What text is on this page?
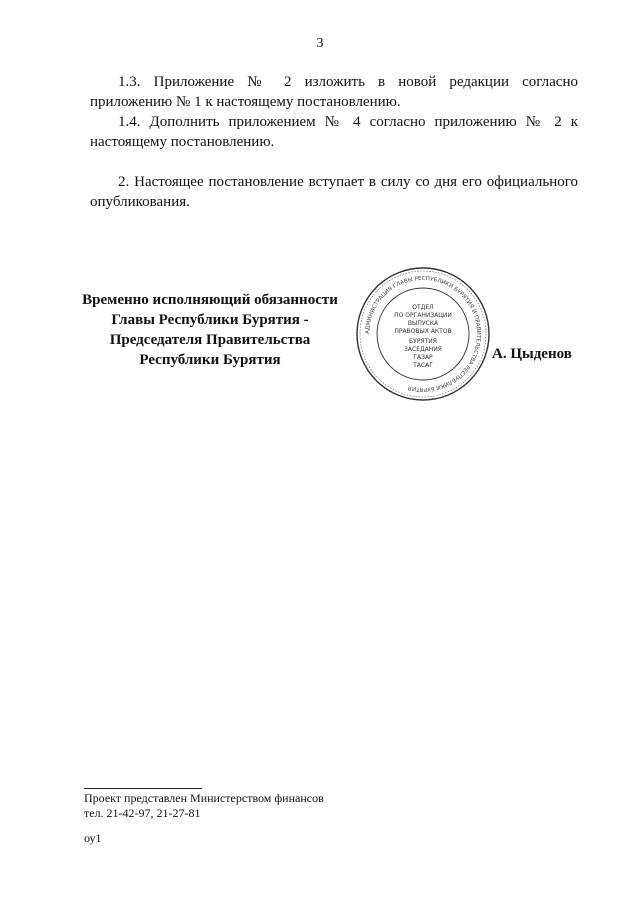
3

1.3. Приложение № 2 изложить в новой редакции согласно приложению № 1 к настоящему постановлению.

1.4. Дополнить приложением № 4 согласно приложению № 2 к настоящему постановлению.

2. Настоящее постановление вступает в силу со дня его официального опубликования.

Временно исполняющий обязанности
Главы Республики Бурятия -
Председателя Правительства
Республики Бурятия
АДМИНИСТРАЦИЯ ГЛАВЫ РЕСПУБЛИКИ БУРЯТИЯ И ПРАВИТЕЛЬСТВА РЕСПУБЛИКИ БУРЯТИЯ
ОТДЕЛ
ПО ОРГАНИЗАЦИИ
ВЫПУСКА
ПРАВОВЫХ АКТОВ
БУРЯТИЯ
ЗАСЕДАНИЯ
ГАЗАР
ТАСАГ
А. Цыденов
Проект представлен Министерством финансов
тел. 21-42-97, 21-27-81
оу1
